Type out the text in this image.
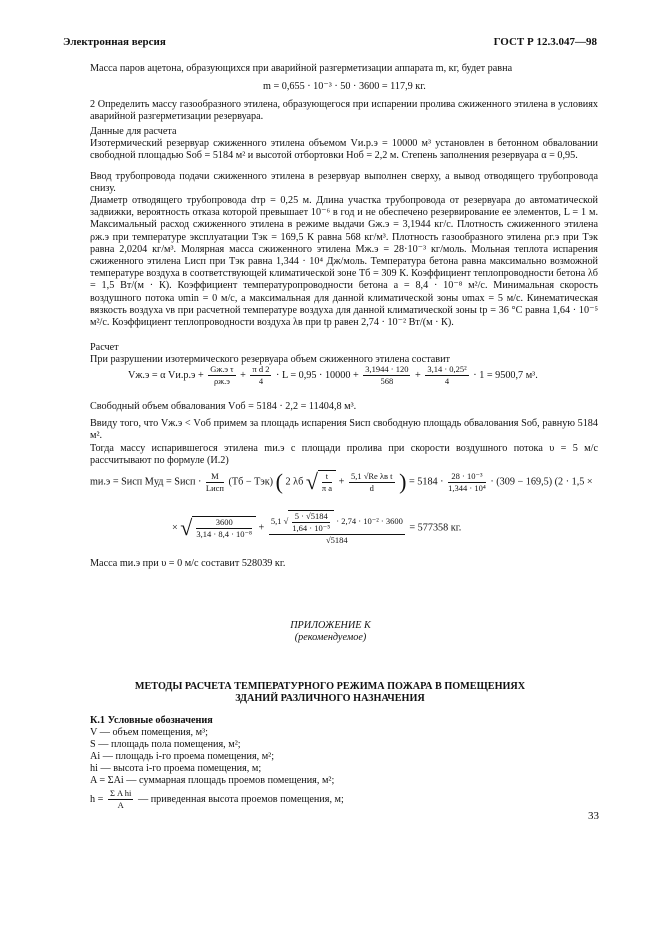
Электронная версия	ГОСТ Р 12.3.047—98

Масса паров ацетона, образующихся при аварийной разгерметизации аппарата m, кг, будет равна

m = 0,655 · 10⁻³ · 50 · 3600 = 117,9 кг.

2 Определить массу газообразного этилена, образующегося при испарении пролива сжиженного этилена в условиях аварийной разгерметизации резервуара.

Данные для расчета

Изотермический резервуар сжиженного этилена объемом Vи.р.э = 10000 м³ установлен в бетонном обваловании свободной площадью Sоб = 5184 м² и высотой отбортовки Hоб = 2,2 м. Степень заполнения резервуара α = 0,95.

Ввод трубопровода подачи сжиженного этилена в резервуар выполнен сверху, а вывод отводящего трубопровода снизу.

Диаметр отводящего трубопровода dтр = 0,25 м. Длина участка трубопровода от резервуара до автоматической задвижки, вероятность отказа которой превышает 10⁻⁶ в год и не обеспечено резервирование ее элементов, L = 1 м. Максимальный расход сжиженного этилена в режиме выдачи Gж.э = 3,1944 кг/с. Плотность сжиженного этилена ρж.э при температуре эксплуатации Tэк = 169,5 К равна 568 кг/м³. Плотность газообразного этилена ρг.э при Tэк равна 2,0204 кг/м³. Молярная масса сжиженного этилена Mж.э = 28·10⁻³ кг/моль. Мольная теплота испарения сжиженного этилена Lисп при Tэк равна 1,344 · 10⁴ Дж/моль. Температура бетона равна максимально возможной температуре воздуха в соответствующей климатической зоне Tб = 309 К. Коэффициент теплопроводности бетона λб = 1,5 Вт/(м · К). Коэффициент температуропроводности бетона a = 8,4 · 10⁻⁸ м²/с. Минимальная скорость воздушного потока υmin = 0 м/с, а максимальная для данной климатической зоны υmax = 5 м/с. Кинематическая вязкость воздуха νв при расчетной температуре воздуха для данной климатической зоны tр = 36 °С равна 1,64 · 10⁻⁵ м²/с. Коэффициент теплопроводности воздуха λв при tр равен 2,74 · 10⁻² Вт/(м · К).

Расчет

При разрушении изотермического резервуара объем сжиженного этилена составит

Vж.э = α $Vи.р.э + \frac{\text{Gж.э τ}}{\rho ж.э} + \frac{\text{π d 2}}{4} \cdot L = 0,95 \cdot 10000 + \frac{3,1944 \cdot 120}{568} + \frac{\text{3,14 · 0,25²}}{4} \cdot 1 = 9500,7$ м³.

Свободный объем обвалования Vоб = 5184 · 2,2 = 11404,8 м³.

Ввиду того, что Vж.э < Vоб примем за площадь испарения Sисп свободную площадь обвалования Sоб, равную 5184 м².

Тогда массу испарившегося этилена mи.э с площади пролива при скорости воздушного потока υ = 5 м/с рассчитывают по формуле (И.2)

mи.э = Sисп Mуд = Sисп · $\frac{M}{\text{Lисп}} (Tб - Tэк)$ ( 2 λб √ $\frac{t}{\text{π a}} + \frac{\text{5,1 √Re λв t}}{d}$ ) = $5184 \cdot \frac{\text{28 · 10⁻³}}{\text{1,344 · 10⁴}} \cdot (309 - 169,5) (2 \cdot 1,5$ ×
× √ $\frac{3600}{\text{3,14 · 8,4 · 10⁻⁸}} + \frac{5,1 √ \frac{5 \cdot √5184}{\text{1,64 · 10⁻⁵}} \cdot 2,74 \cdot 10^{-2} \cdot 3600}{√5184} = 577358$ кг.

Масса mи.э при υ = 0 м/с составит 528039 кг.

ПРИЛОЖЕНИЕ К
(рекомендуемое)
МЕТОДЫ РАСЧЕТА ТЕМПЕРАТУРНОГО РЕЖИМА ПОЖАРА В ПОМЕЩЕНИЯХ
ЗДАНИЙ РАЗЛИЧНОГО НАЗНАЧЕНИЯ
К.1 Условные обозначения
V — объем помещения, м³;
S — площадь пола помещения, м²;
Ai — площадь i-го проема помещения, м²;
hi — высота i-го проема помещения, м;
A = ΣAi — суммарная площадь проемов помещения, м²;
$h = \frac{\text{Σ A hi}}{A}$ — приведенная высота проемов помещения, м;
33
